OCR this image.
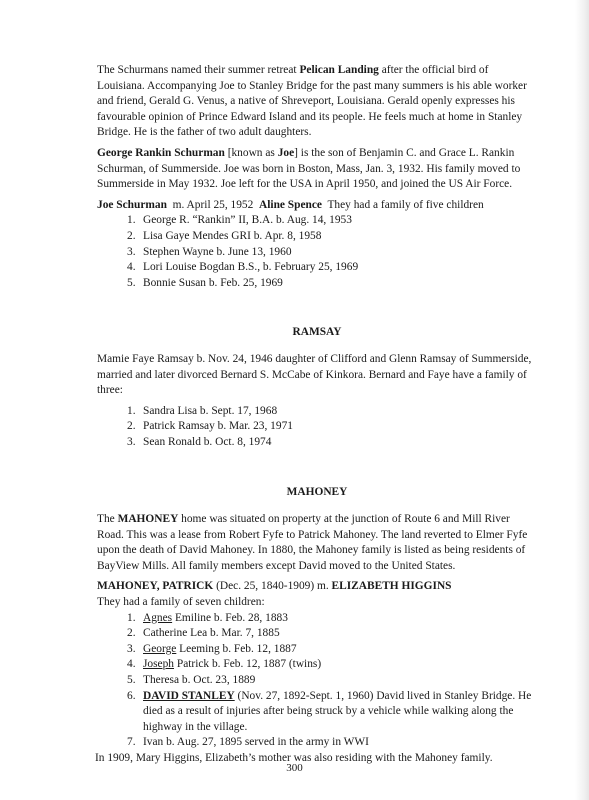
The Schurmans named their summer retreat Pelican Landing after the official bird of Louisiana. Accompanying Joe to Stanley Bridge for the past many summers is his able worker and friend, Gerald G. Venus, a native of Shreveport, Louisiana. Gerald openly expresses his favourable opinion of Prince Edward Island and its people. He feels much at home in Stanley Bridge. He is the father of two adult daughters.

George Rankin Schurman [known as Joe] is the son of Benjamin C. and Grace L. Rankin Schurman, of Summerside. Joe was born in Boston, Mass, Jan. 3, 1932. His family moved to Summerside in May 1932. Joe left for the USA in April 1950, and joined the US Air Force.

Joe Schurman  m. April 25, 1952  Aline Spence  They had a family of five children

1. George R. “Rankin” II, B.A. b. Aug. 14, 1953
2. Lisa Gaye Mendes GRI b. Apr. 8, 1958
3. Stephen Wayne b. June 13, 1960
4. Lori Louise Bogdan B.S., b. February 25, 1969
5. Bonnie Susan b. Feb. 25, 1969

RAMSAY

Mamie Faye Ramsay b. Nov. 24, 1946 daughter of Clifford and Glenn Ramsay of Summerside, married and later divorced Bernard S. McCabe of Kinkora. Bernard and Faye have a family of three:

1. Sandra Lisa b. Sept. 17, 1968
2. Patrick Ramsay b. Mar. 23, 1971
3. Sean Ronald b. Oct. 8, 1974

MAHONEY

The MAHONEY home was situated on property at the junction of Route 6 and Mill River Road. This was a lease from Robert Fyfe to Patrick Mahoney. The land reverted to Elmer Fyfe upon the death of David Mahoney. In 1880, the Mahoney family is listed as being residents of BayView Mills. All family members except David moved to the United States.

MAHONEY, PATRICK (Dec. 25, 1840-1909) m. ELIZABETH HIGGINS

They had a family of seven children:

1. Agnes Emiline b. Feb. 28, 1883
2. Catherine Lea b. Mar. 7, 1885
3. George Leeming b. Feb. 12, 1887
4. Joseph Patrick b. Feb. 12, 1887 (twins)
5. Theresa b. Oct. 23, 1889
6. DAVID STANLEY (Nov. 27, 1892-Sept. 1, 1960) David lived in Stanley Bridge. He died as a result of injuries after being struck by a vehicle while walking along the highway in the village.
7. Ivan b. Aug. 27, 1895 served in the army in WWI

In 1909, Mary Higgins, Elizabeth’s mother was also residing with the Mahoney family.

300
